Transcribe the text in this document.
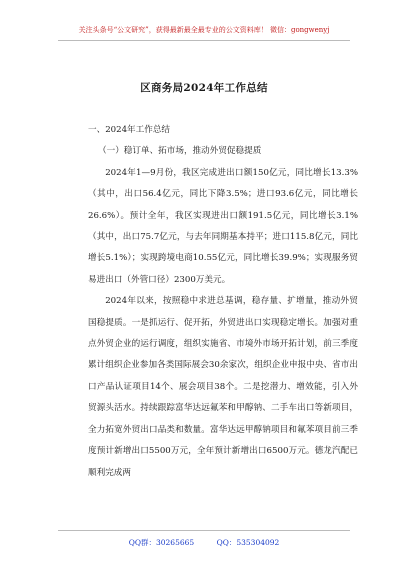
关注头条号“公文研究”，获得最新最全最专业的公文资料库！ 微信：gongwenyj
区商务局2024年工作总结

一、2024年工作总结

（一）稳订单、拓市场，推动外贸促稳提质

2024年1—9月份，我区完成进出口额150亿元，同比增长13.3%（其中，出口56.4亿元，同比下降3.5%；进口93.6亿元，同比增长26.6%）。预计全年，我区实现进出口额191.5亿元，同比增长3.1%（其中，出口75.7亿元，与去年同期基本持平；进口115.8亿元，同比增长5.1%）；实现跨境电商10.55亿元，同比增长39.9%；实现服务贸易进出口（外管口径）2300万美元。

2024年以来，按照稳中求进总基调，稳存量、扩增量，推动外贸国稳提质。一是抓运行、促开拓，外贸进出口实现稳定增长。加强对重点外贸企业的运行调度，组织实施省、市境外市场开拓计划，前三季度累计组织企业参加各类国际展会30余家次，组织企业申报中央、省市出口产品认证项目14个、展会项目38个。二是挖潜力、增效能，引入外贸源头活水。持续跟踪富华达远氟苯和甲醇钠、二手车出口等新项目，全力拓宽外贸出口品类和数量。富华达远甲醇钠项目和氟苯项目前三季度预计新增出口5500万元，全年预计新增出口6500万元。德龙汽配已顺利完成两

QQ群：30265665	QQ：535304092
